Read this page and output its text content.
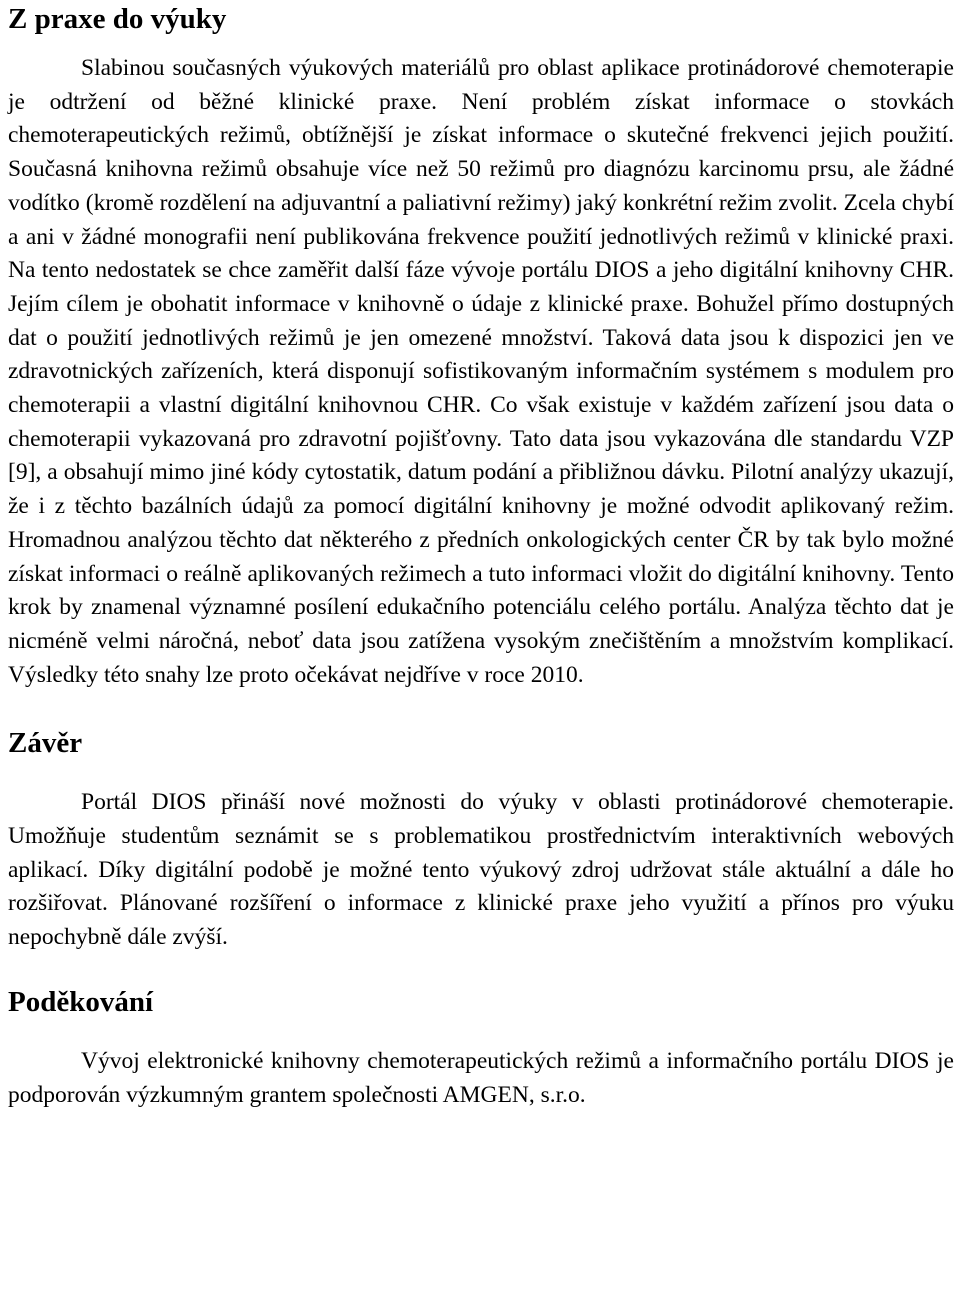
Z praxe do výuky

Slabinou současných výukových materiálů pro oblast aplikace protinádorové chemoterapie je odtržení od běžné klinické praxe. Není problém získat informace o stovkách chemoterapeutických režimů, obtížnější je získat informace o skutečné frekvenci jejich použití. Současná knihovna režimů obsahuje více než 50 režimů pro diagnózu karcinomu prsu, ale žádné vodítko (kromě rozdělení na adjuvantní a paliativní režimy) jaký konkrétní režim zvolit. Zcela chybí a ani v žádné monografii není publikována frekvence použití jednotlivých režimů v klinické praxi. Na tento nedostatek se chce zaměřit další fáze vývoje portálu DIOS a jeho digitální knihovny CHR. Jejím cílem je obohatit informace v knihovně o údaje z klinické praxe. Bohužel přímo dostupných dat o použití jednotlivých režimů je jen omezené množství. Taková data jsou k dispozici jen ve zdravotnických zařízeních, která disponují sofistikovaným informačním systémem s modulem pro chemoterapii a vlastní digitální knihovnou CHR. Co však existuje v každém zařízení jsou data o chemoterapii vykazovaná pro zdravotní pojišťovny. Tato data jsou vykazována dle standardu VZP [9], a obsahují mimo jiné kódy cytostatik, datum podání a přibližnou dávku. Pilotní analýzy ukazují, že i z těchto bazálních údajů za pomocí digitální knihovny je možné odvodit aplikovaný režim. Hromadnou analýzou těchto dat některého z předních onkologických center ČR by tak bylo možné získat informaci o reálně aplikovaných režimech a tuto informaci vložit do digitální knihovny. Tento krok by znamenal významné posílení edukačního potenciálu celého portálu. Analýza těchto dat je nicméně velmi náročná, neboť data jsou zatížena vysokým znečištěním a množstvím komplikací. Výsledky této snahy lze proto očekávat nejdříve v roce 2010.

Závěr

Portál DIOS přináší nové možnosti do výuky v oblasti protinádorové chemoterapie. Umožňuje studentům seznámit se s problematikou prostřednictvím interaktivních webových aplikací. Díky digitální podobě je možné tento výukový zdroj udržovat stále aktuální a dále ho rozšiřovat. Plánované rozšíření o informace z klinické praxe jeho využití a přínos pro výuku nepochybně dále zvýší.

Poděkování

Vývoj elektronické knihovny chemoterapeutických režimů a informačního portálu DIOS je podporován výzkumným grantem společnosti AMGEN, s.r.o.
